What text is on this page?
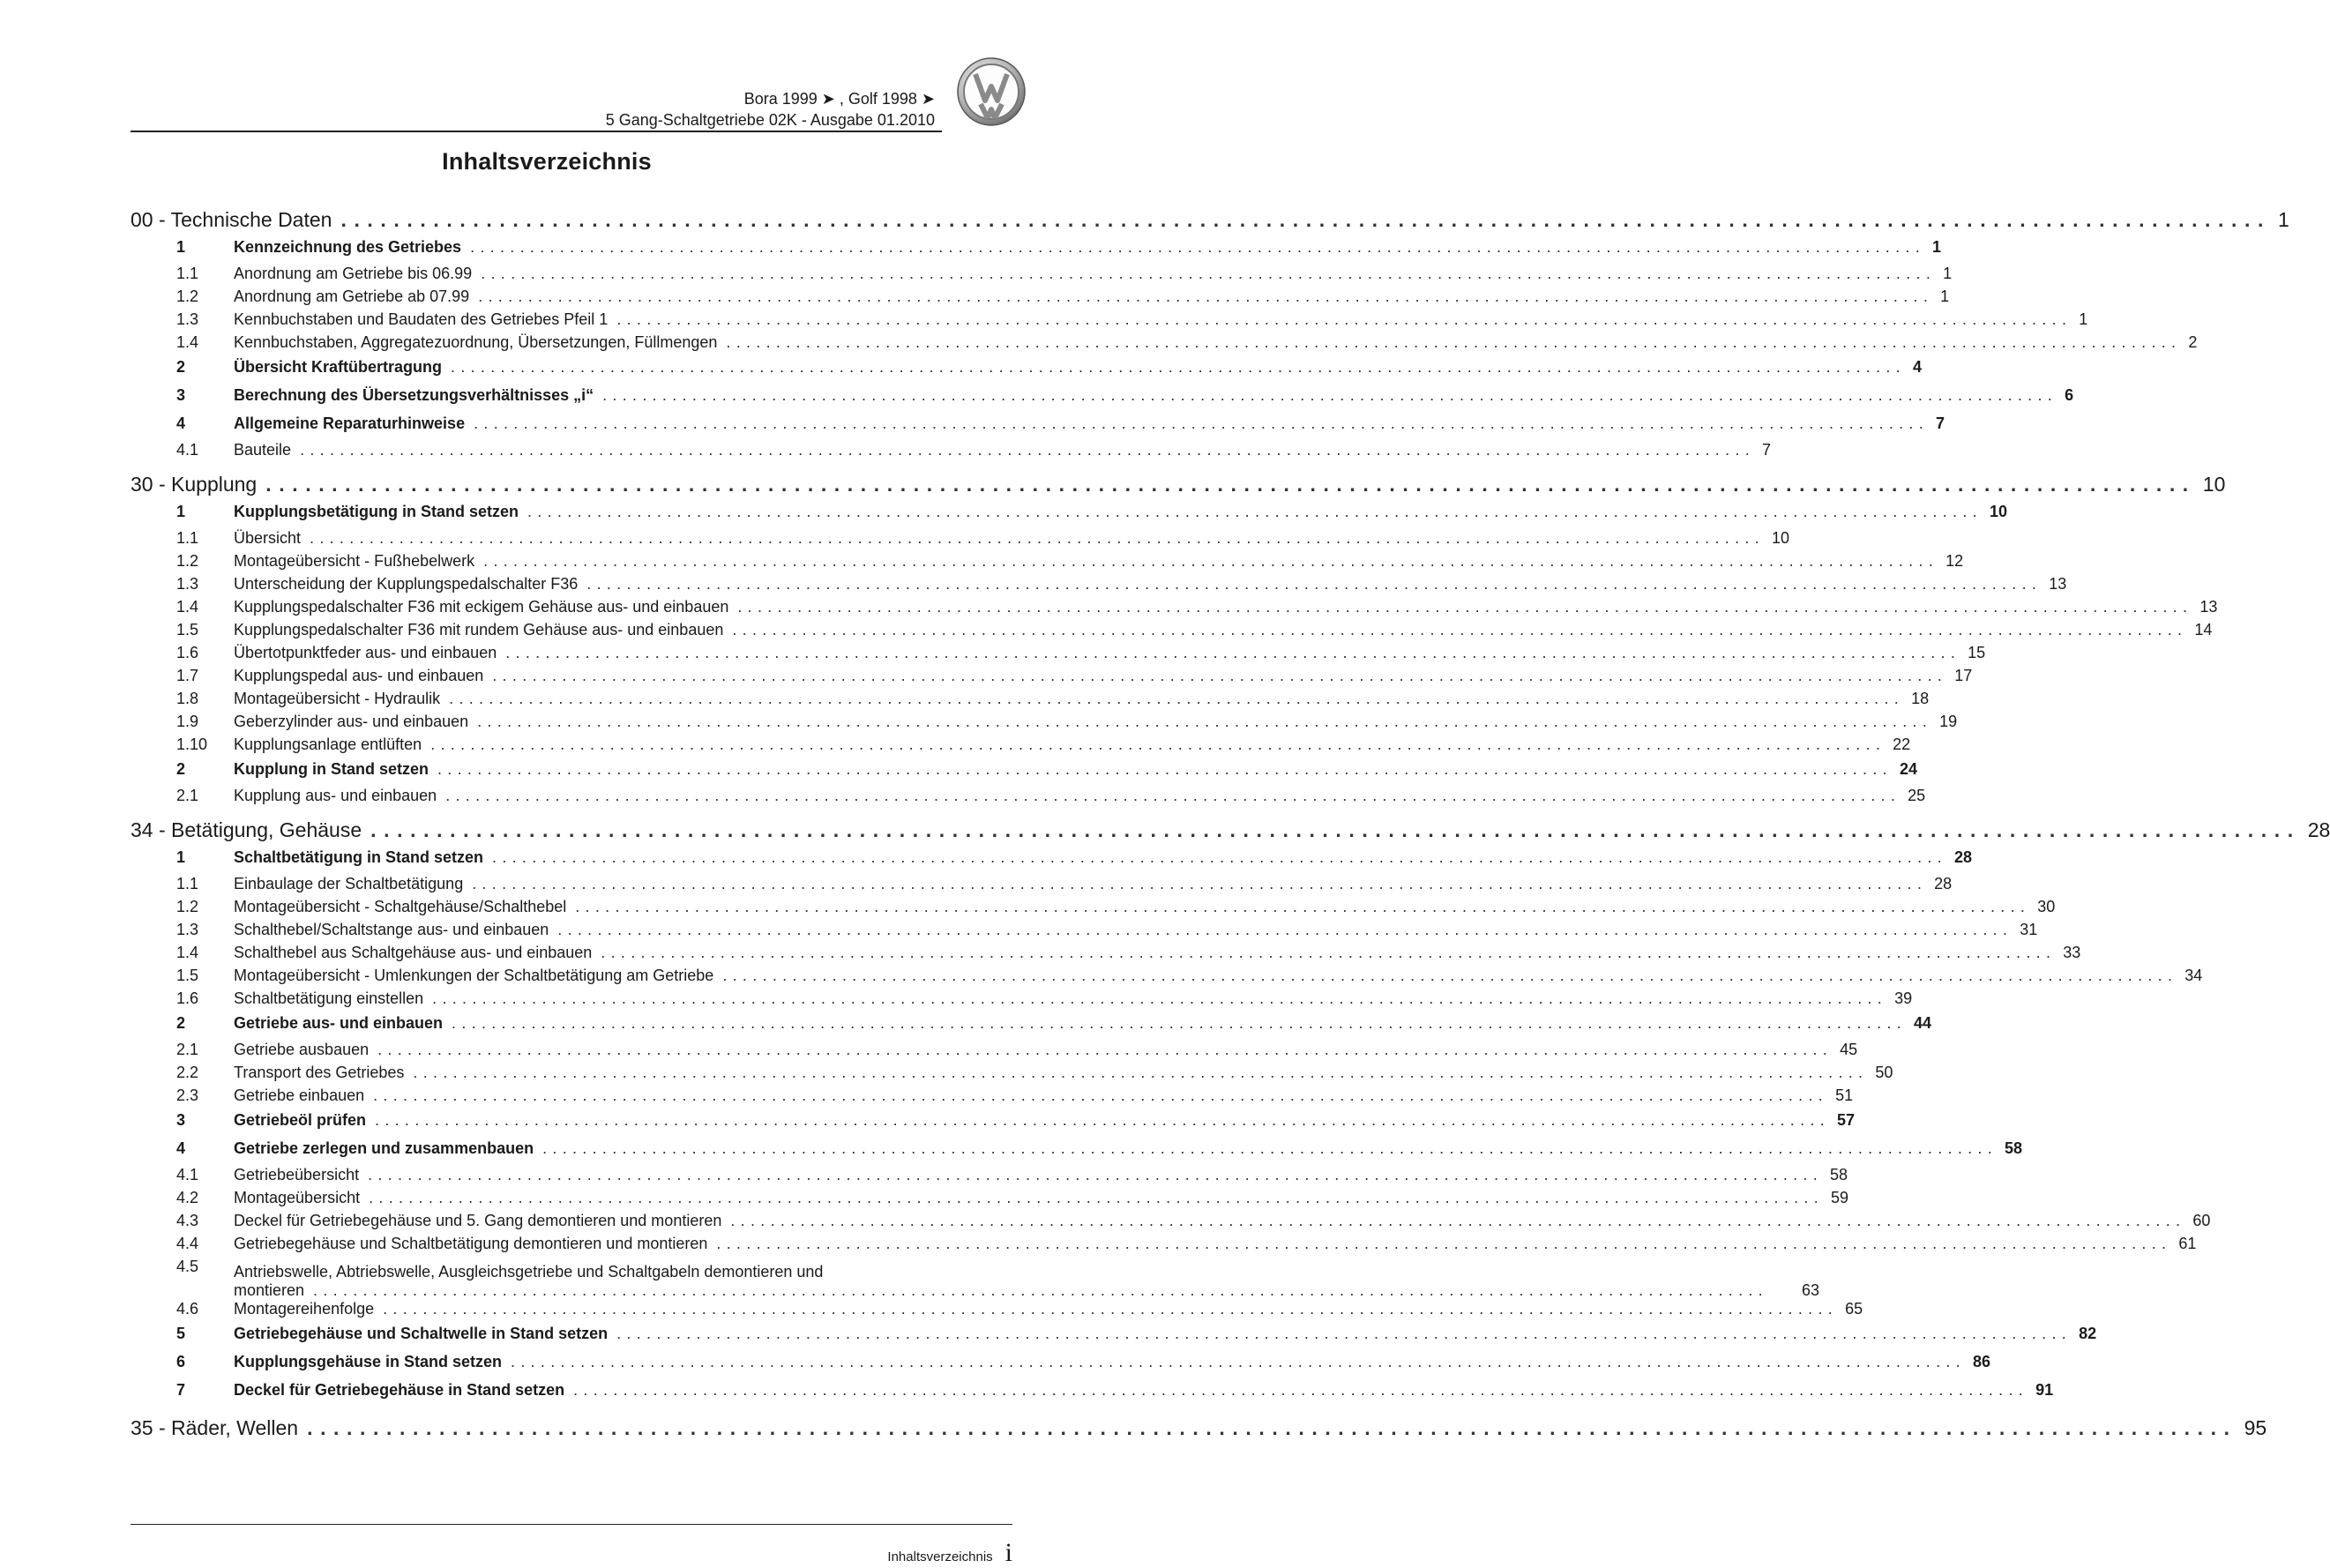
Bora 1999 ➤ , Golf 1998 ➤
5 Gang-Schaltgetriebe 02K - Ausgabe 01.2010
Inhaltsverzeichnis
00 - Technische Daten .................................................................................................................................................. 1
1	Kennzeichnung des Getriebes .................................................................................................................................................. 1
1.1 Anordnung am Getriebe bis 06.99 .................................................................................................................................................. 1
1.2 Anordnung am Getriebe ab 07.99 .................................................................................................................................................. 1
1.3 Kennbuchstaben und Baudaten des Getriebes Pfeil 1 .................................................................................................................................................. 1
1.4 Kennbuchstaben, Aggregatezuordnung, Übersetzungen, Füllmengen .................................................................................................................................................. 2
2	Übersicht Kraftübertragung .................................................................................................................................................. 4
3	Berechnung des Übersetzungsverhältnisses „i“ .................................................................................................................................................. 6
4	Allgemeine Reparaturhinweise .................................................................................................................................................. 7
4.1 Bauteile .................................................................................................................................................. 7
30 - Kupplung .................................................................................................................................................. 10
1	Kupplungsbetätigung in Stand setzen .................................................................................................................................................. 10
1.1 Übersicht .................................................................................................................................................. 10
1.2 Montageübersicht - Fußhebelwerk .................................................................................................................................................. 12
1.3 Unterscheidung der Kupplungspedalschalter F36 .................................................................................................................................................. 13
1.4 Kupplungspedalschalter F36 mit eckigem Gehäuse aus- und einbauen .................................................................................................................................................. 13
1.5 Kupplungspedalschalter F36 mit rundem Gehäuse aus- und einbauen .................................................................................................................................................. 14
1.6 Übertotpunktfeder aus- und einbauen .................................................................................................................................................. 15
1.7 Kupplungspedal aus- und einbauen .................................................................................................................................................. 17
1.8 Montageübersicht - Hydraulik .................................................................................................................................................. 18
1.9 Geberzylinder aus- und einbauen .................................................................................................................................................. 19
1.10 Kupplungsanlage entlüften .................................................................................................................................................. 22
2	Kupplung in Stand setzen .................................................................................................................................................. 24
2.1 Kupplung aus- und einbauen .................................................................................................................................................. 25
34 - Betätigung, Gehäuse .................................................................................................................................................. 28
1	Schaltbetätigung in Stand setzen .................................................................................................................................................. 28
1.1 Einbaulage der Schaltbetätigung .................................................................................................................................................. 28
1.2 Montageübersicht - Schaltgehäuse/Schalthebel .................................................................................................................................................. 30
1.3 Schalthebel/Schaltstange aus- und einbauen .................................................................................................................................................. 31
1.4 Schalthebel aus Schaltgehäuse aus- und einbauen .................................................................................................................................................. 33
1.5 Montageübersicht - Umlenkungen der Schaltbetätigung am Getriebe .................................................................................................................................................. 34
1.6 Schaltbetätigung einstellen .................................................................................................................................................. 39
2	Getriebe aus- und einbauen .................................................................................................................................................. 44
2.1 Getriebe ausbauen .................................................................................................................................................. 45
2.2 Transport des Getriebes .................................................................................................................................................. 50
2.3 Getriebe einbauen .................................................................................................................................................. 51
3	Getriebeöl prüfen .................................................................................................................................................. 57
4	Getriebe zerlegen und zusammenbauen .................................................................................................................................................. 58
4.1 Getriebeübersicht .................................................................................................................................................. 58
4.2 Montageübersicht .................................................................................................................................................. 59
4.3 Deckel für Getriebegehäuse und 5. Gang demontieren und montieren .................................................................................................................................................. 60
4.4 Getriebegehäuse und Schaltbetätigung demontieren und montieren .................................................................................................................................................. 61
4.5 Antriebswelle, Abtriebswelle, Ausgleichsgetriebe und Schaltgabeln demontieren und
montieren ..................................................................................................................................................	63
4.6 Montagereihenfolge .................................................................................................................................................. 65
5	Getriebegehäuse und Schaltwelle in Stand setzen .................................................................................................................................................. 82
6	Kupplungsgehäuse in Stand setzen .................................................................................................................................................. 86
7	Deckel für Getriebegehäuse in Stand setzen .................................................................................................................................................. 91
35 - Räder, Wellen .................................................................................................................................................. 95
Inhaltsverzeichnis i
